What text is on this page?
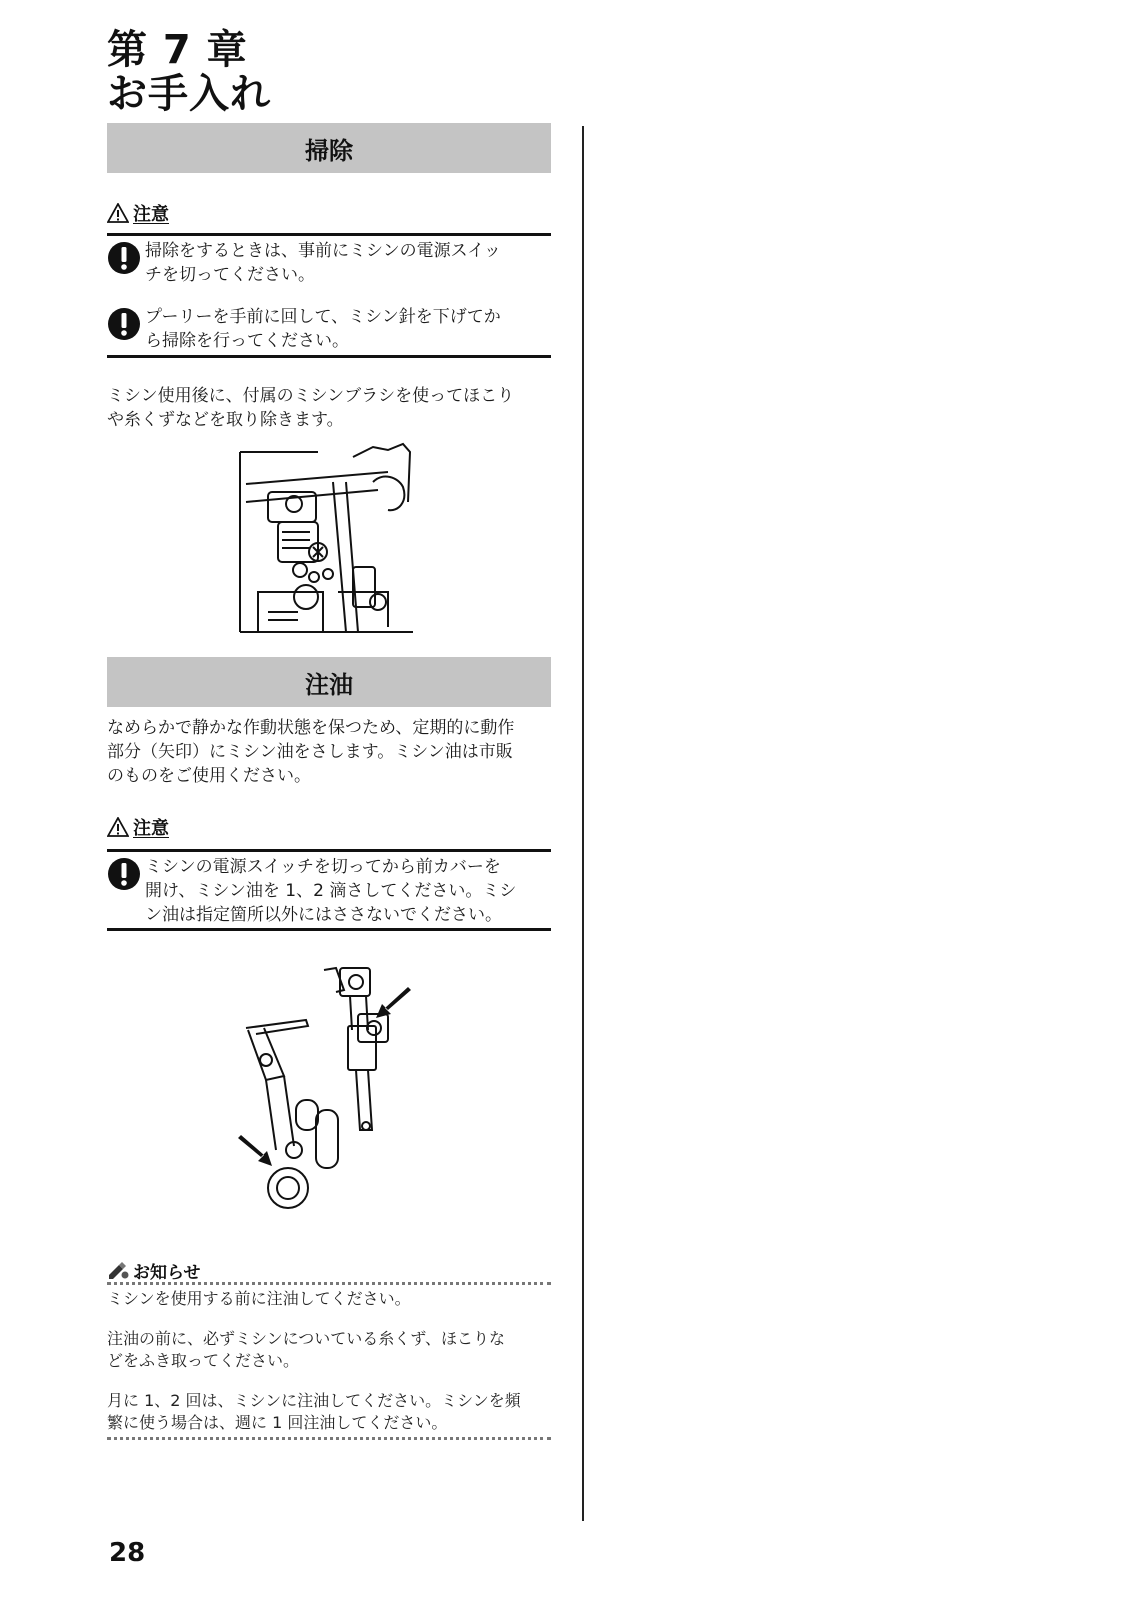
第 7 章
お手入れ
掃除
注意
掃除をするときは、事前にミシンの電源スイッ
チを切ってください。
プーリーを手前に回して、ミシン針を下げてか
ら掃除を行ってください。
ミシン使用後に、付属のミシンブラシを使ってほこり
や糸くずなどを取り除きます。
注油
なめらかで静かな作動状態を保つため、定期的に動作
部分（矢印）にミシン油をさします。ミシン油は市販
のものをご使用ください。
注意
ミシンの電源スイッチを切ってから前カバーを
開け、ミシン油を 1、2 滴さしてください。ミシ
ン油は指定箇所以外にはささないでください。
お知らせ
ミシンを使用する前に注油してください。
注油の前に、必ずミシンについている糸くず、ほこりな
どをふき取ってください。
月に 1、2 回は、ミシンに注油してください。ミシンを頻
繁に使う場合は、週に 1 回注油してください。
28
